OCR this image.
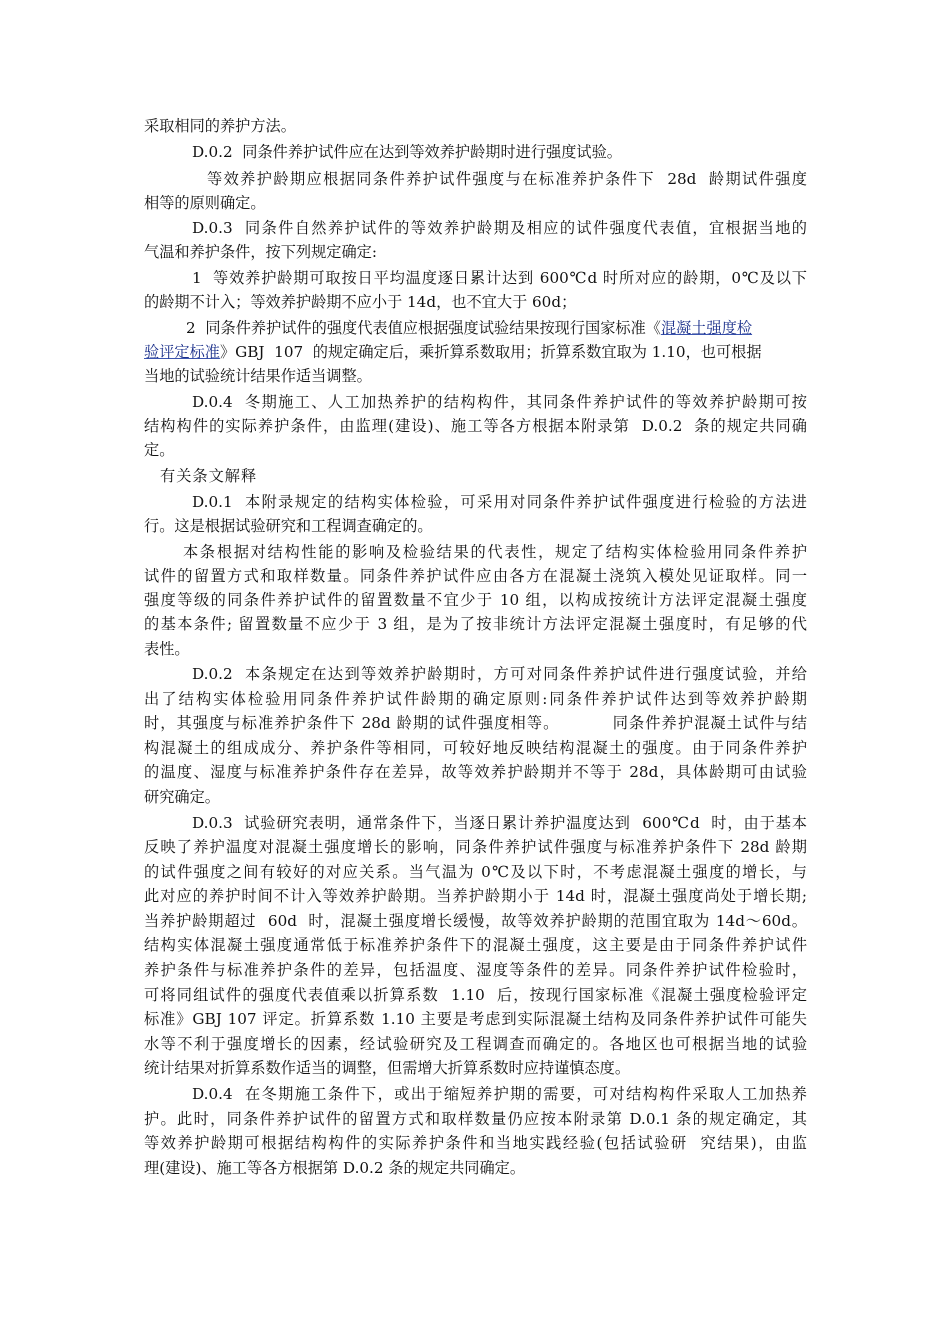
采取相同的养护方法。
D.0.2  同条件养护试件应在达到等效养护龄期时进行强度试验。
等效养护龄期应根据同条件养护试件强度与在标准养护条件下  28d  龄期试件强度
相等的原则确定。
D.0.3  同条件自然养护试件的等效养护龄期及相应的试件强度代表值，宜根据当地的
气温和养护条件，按下列规定确定:
1  等效养护龄期可取按日平均温度逐日累计达到 600℃d 时所对应的龄期，0℃及以下
的龄期不计入；等效养护龄期不应小于 14d，也不宜大于 60d；
2  同条件养护试件的强度代表值应根据强度试验结果按现行国家标准《混凝土强度检
验评定标准》GBJ  107  的规定确定后，乘折算系数取用；折算系数宜取为 1.10，也可根据
当地的试验统计结果作适当调整。
D.0.4  冬期施工、人工加热养护的结构构件，其同条件养护试件的等效养护龄期可按
结构构件的实际养护条件，由监理(建设)、施工等各方根据本附录第  D.0.2  条的规定共同确
定。
有关条文解释
D.0.1  本附录规定的结构实体检验，可采用对同条件养护试件强度进行检验的方法进
行。这是根据试验研究和工程调查确定的。
本条根据对结构性能的影响及检验结果的代表性，规定了结构实体检验用同条件养护
试件的留置方式和取样数量。同条件养护试件应由各方在混凝土浇筑入模处见证取样。同一
强度等级的同条件养护试件的留置数量不宜少于 10 组，以构成按统计方法评定混凝土强度
的基本条件; 留置数量不应少于 3 组，是为了按非统计方法评定混凝土强度时，有足够的代
表性。
D.0.2  本条规定在达到等效养护龄期时，方可对同条件养护试件进行强度试验，并给
出了结构实体检验用同条件养护试件龄期的确定原则:同条件养护试件达到等效养护龄期
时，其强度与标准养护条件下 28d 龄期的试件强度相等。         同条件养护混凝土试件与结
构混凝土的组成成分、养护条件等相同，可较好地反映结构混凝土的强度。由于同条件养护
的温度、湿度与标准养护条件存在差异，故等效养护龄期并不等于 28d，具体龄期可由试验
研究确定。
D.0.3  试验研究表明，通常条件下，当逐日累计养护温度达到  600℃d  时，由于基本
反映了养护温度对混凝土强度增长的影响，同条件养护试件强度与标准养护条件下 28d 龄期
的试件强度之间有较好的对应关系。当气温为 0℃及以下时，不考虑混凝土强度的增长，与
此对应的养护时间不计入等效养护龄期。当养护龄期小于 14d 时，混凝土强度尚处于增长期;
当养护龄期超过  60d  时，混凝土强度增长缓慢，故等效养护龄期的范围宜取为 14d～60d。
结构实体混凝土强度通常低于标准养护条件下的混凝土强度，这主要是由于同条件养护试件
养护条件与标准养护条件的差异，包括温度、湿度等条件的差异。同条件养护试件检验时，
可将同组试件的强度代表值乘以折算系数  1.10  后，按现行国家标准《混凝土强度检验评定
标准》GBJ 107 评定。折算系数 1.10 主要是考虑到实际混凝土结构及同条件养护试件可能失
水等不利于强度增长的因素，经试验研究及工程调查而确定的。各地区也可根据当地的试验
统计结果对折算系数作适当的调整，但需增大折算系数时应持谨慎态度。
D.0.4  在冬期施工条件下，或出于缩短养护期的需要，可对结构构件采取人工加热养
护。此时，同条件养护试件的留置方式和取样数量仍应按本附录第 D.0.1 条的规定确定，其
等效养护龄期可根据结构构件的实际养护条件和当地实践经验(包括试验研  究结果)，由监
理(建设)、施工等各方根据第 D.0.2 条的规定共同确定。
